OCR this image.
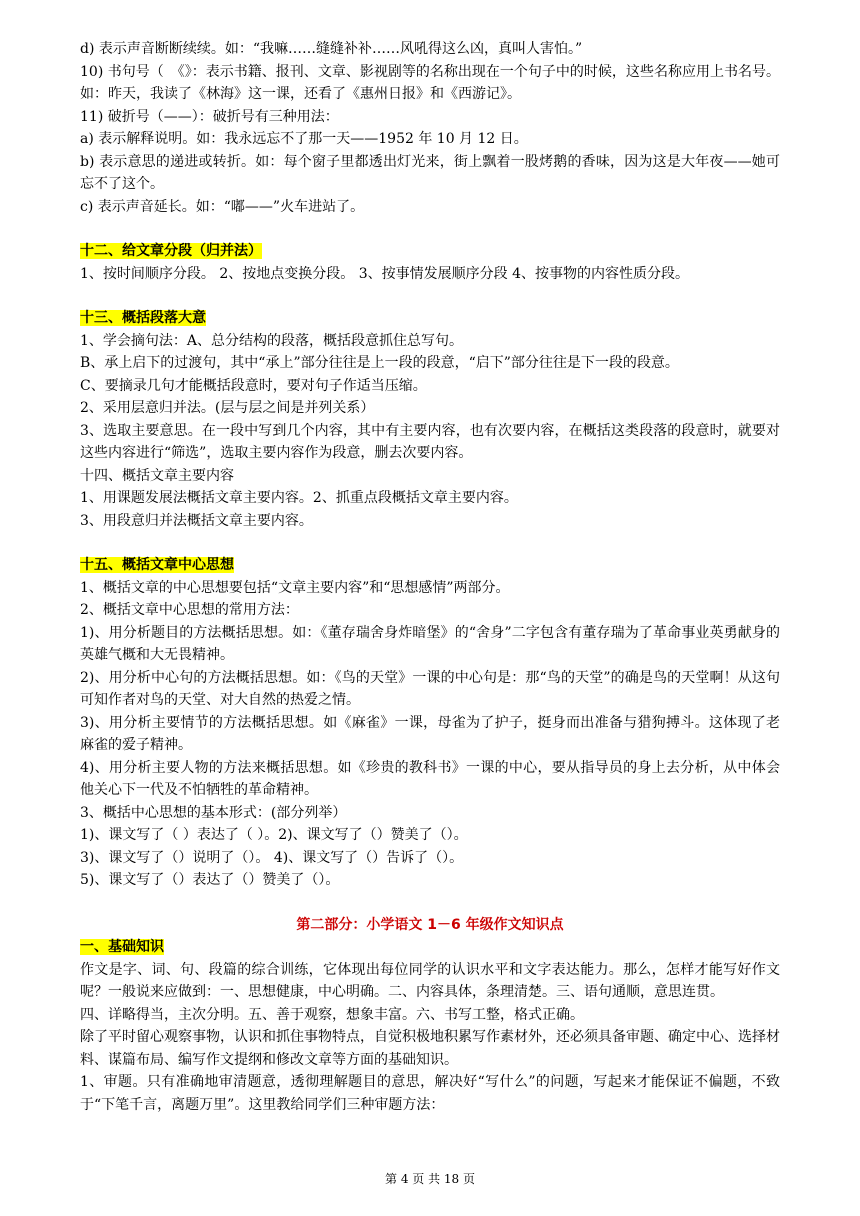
d) 表示声音断断续续。如：“我嘛……缝缝补补……风吼得这么凶，真叫人害怕。”
10) 书句号（　《》：表示书籍、报刊、文章、影视剧等的名称出现在一个句子中的时候，这些名称应用上书名号。如：昨天，我读了《林海》这一课，还看了《惠州日报》和《西游记》。
11) 破折号（——）：破折号有三种用法：
a) 表示解释说明。如：我永远忘不了那一天——1952 年 10 月 12 日。
b) 表示意思的递进或转折。如：每个窗子里都透出灯光来，街上飘着一股烤鹅的香味，因为这是大年夜——她可忘不了这个。
c) 表示声音延长。如：“嘟——”火车进站了。
十二、给文章分段（归并法）
1、按时间顺序分段。 2、按地点变换分段。 3、按事情发展顺序分段 4、按事物的内容性质分段。
十三、概括段落大意
1、学会摘句法：A、总分结构的段落，概括段意抓住总写句。
B、承上启下的过渡句，其中“承上”部分往往是上一段的段意，“启下”部分往往是下一段的段意。
C、要摘录几句才能概括段意时，要对句子作适当压缩。
2、采用层意归并法。(层与层之间是并列关系）
3、选取主要意思。在一段中写到几个内容，其中有主要内容，也有次要内容，在概括这类段落的段意时，就要对这些内容进行“筛选”，选取主要内容作为段意，删去次要内容。
十四、概括文章主要内容
1、用课题发展法概括文章主要内容。2、抓重点段概括文章主要内容。
3、用段意归并法概括文章主要内容。
十五、概括文章中心思想
1、概括文章的中心思想要包括“文章主要内容”和“思想感情”两部分。
2、概括文章中心思想的常用方法：
1)、用分析题目的方法概括思想。如：《董存瑞舍身炸暗堡》的“舍身”二字包含有董存瑞为了革命事业英勇献身的英雄气概和大无畏精神。
2)、用分析中心句的方法概括思想。如：《鸟的天堂》一课的中心句是：那“鸟的天堂”的确是鸟的天堂啊！从这句可知作者对鸟的天堂、对大自然的热爱之情。
3)、用分析主要情节的方法概括思想。如《麻雀》一课，母雀为了护子，挺身而出准备与猎狗搏斗。这体现了老麻雀的爱子精神。
4)、用分析主要人物的方法来概括思想。如《珍贵的教科书》一课的中心，要从指导员的身上去分析，从中体会他关心下一代及不怕牺牲的革命精神。
3、概括中心思想的基本形式：(部分列举）
1)、课文写了（ ）表达了（ ）。2)、课文写了（）赞美了（）。
3)、课文写了（）说明了（）。 4)、课文写了（）告诉了（）。
5)、课文写了（）表达了（）赞美了（）。
第二部分：小学语文 1－6 年级作文知识点
一、基础知识
作文是字、词、句、段篇的综合训练，它体现出每位同学的认识水平和文字表达能力。那么，怎样才能写好作文呢？一般说来应做到：一、思想健康，中心明确。二、内容具体，条理清楚。三、语句通顺，意思连贯。
四、详略得当，主次分明。五、善于观察，想象丰富。六、书写工整，格式正确。
除了平时留心观察事物，认识和抓住事物特点，自觉积极地积累写作素材外，还必须具备审题、确定中心、选择材料、谋篇布局、编写作文提纲和修改文章等方面的基础知识。
1、审题。只有准确地审清题意，透彻理解题目的意思，解决好“写什么”的问题，写起来才能保证不偏题，不致于“下笔千言，离题万里”。这里教给同学们三种审题方法：
第 4 页 共 18 页
